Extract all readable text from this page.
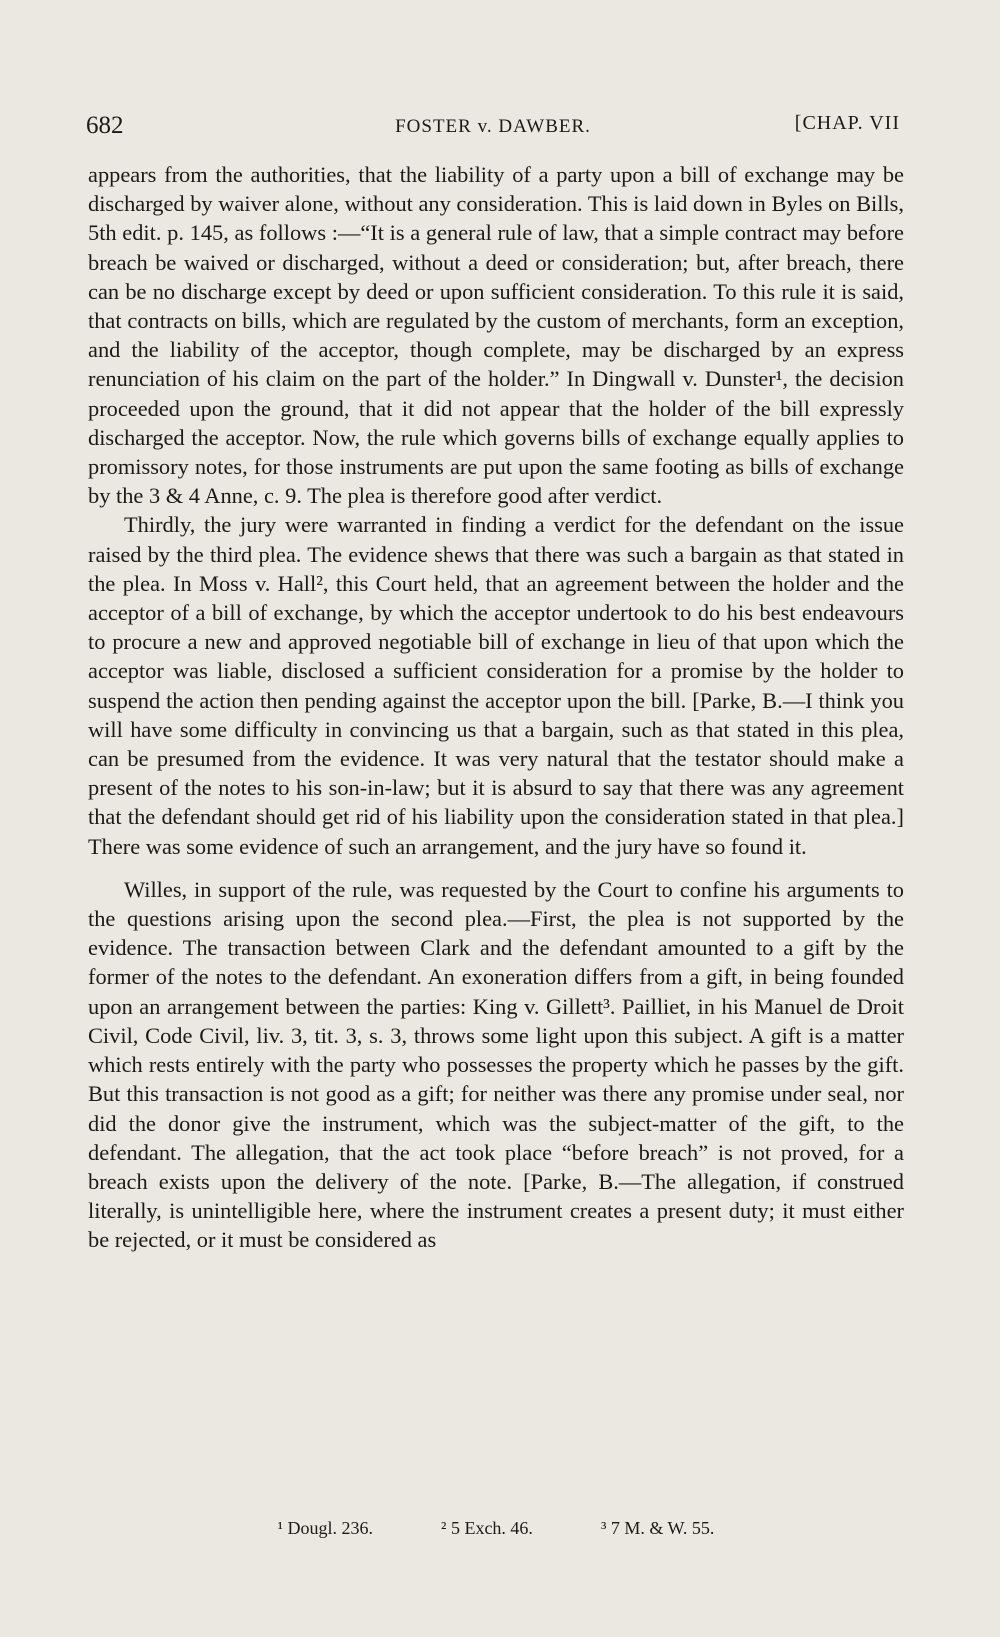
682	FOSTER v. DAWBER.	[CHAP. VII

appears from the authorities, that the liability of a party upon a bill of exchange may be discharged by waiver alone, without any consideration. This is laid down in Byles on Bills, 5th edit. p. 145, as follows :—“It is a general rule of law, that a simple contract may before breach be waived or discharged, without a deed or consideration; but, after breach, there can be no discharge except by deed or upon sufficient consideration. To this rule it is said, that contracts on bills, which are regulated by the custom of merchants, form an exception, and the liability of the acceptor, though complete, may be discharged by an express renunciation of his claim on the part of the holder.” In Dingwall v. Dunster¹, the decision proceeded upon the ground, that it did not appear that the holder of the bill expressly discharged the acceptor. Now, the rule which governs bills of exchange equally applies to promissory notes, for those instruments are put upon the same footing as bills of exchange by the 3 & 4 Anne, c. 9. The plea is therefore good after verdict.

Thirdly, the jury were warranted in finding a verdict for the defendant on the issue raised by the third plea. The evidence shews that there was such a bargain as that stated in the plea. In Moss v. Hall², this Court held, that an agreement between the holder and the acceptor of a bill of exchange, by which the acceptor undertook to do his best endeavours to procure a new and approved negotiable bill of exchange in lieu of that upon which the acceptor was liable, disclosed a sufficient consideration for a promise by the holder to suspend the action then pending against the acceptor upon the bill. [Parke, B.—I think you will have some difficulty in convincing us that a bargain, such as that stated in this plea, can be presumed from the evidence. It was very natural that the testator should make a present of the notes to his son-in-law; but it is absurd to say that there was any agreement that the defendant should get rid of his liability upon the consideration stated in that plea.] There was some evidence of such an arrangement, and the jury have so found it.

Willes, in support of the rule, was requested by the Court to confine his arguments to the questions arising upon the second plea.—First, the plea is not supported by the evidence. The transaction between Clark and the defendant amounted to a gift by the former of the notes to the defendant. An exoneration differs from a gift, in being founded upon an arrangement between the parties: King v. Gillett³. Pailliet, in his Manuel de Droit Civil, Code Civil, liv. 3, tit. 3, s. 3, throws some light upon this subject. A gift is a matter which rests entirely with the party who possesses the property which he passes by the gift. But this transaction is not good as a gift; for neither was there any promise under seal, nor did the donor give the instrument, which was the subject-matter of the gift, to the defendant. The allegation, that the act took place “before breach” is not proved, for a breach exists upon the delivery of the note. [Parke, B.—The allegation, if construed literally, is unintelligible here, where the instrument creates a present duty; it must either be rejected, or it must be considered as

¹ Dougl. 236.	² 5 Exch. 46.	³ 7 M. & W. 55.
